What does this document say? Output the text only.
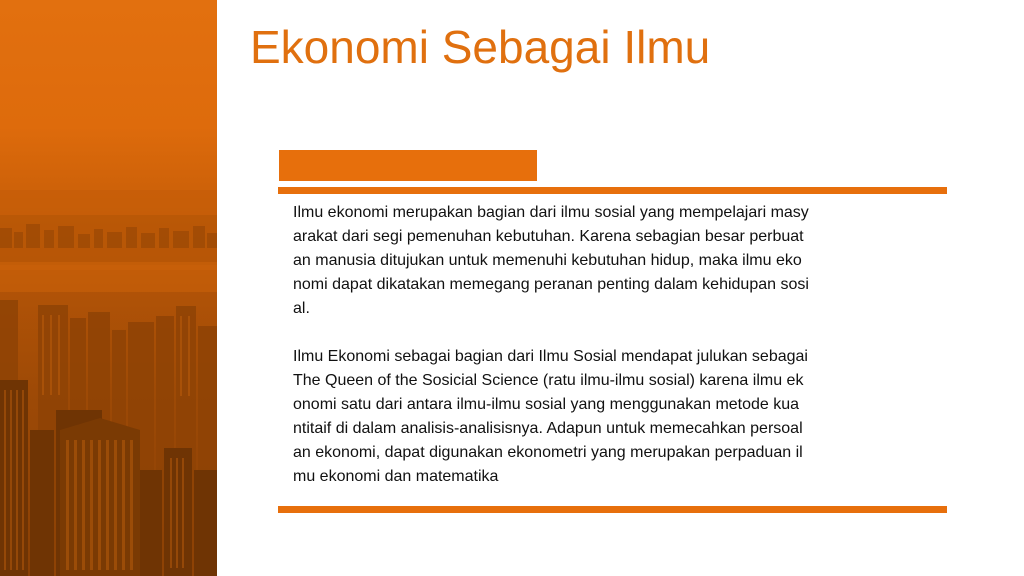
Ekonomi Sebagai Ilmu

Ilmu ekonomi merupakan bagian dari ilmu sosial yang mempelajari masy
arakat dari segi pemenuhan kebutuhan. Karena sebagian besar perbuat
an manusia ditujukan untuk memenuhi kebutuhan hidup, maka ilmu eko
nomi dapat dikatakan memegang peranan penting dalam kehidupan sosi
al.

Ilmu Ekonomi sebagai bagian dari Ilmu Sosial mendapat julukan sebagai
The Queen of the Sosicial Science (ratu ilmu-ilmu sosial) karena ilmu ek
onomi satu dari antara ilmu-ilmu sosial yang menggunakan metode kua
ntitaif di dalam analisis-analisisnya. Adapun untuk memecahkan persoal
an ekonomi, dapat digunakan ekonometri yang merupakan perpaduan il
mu ekonomi dan matematika
